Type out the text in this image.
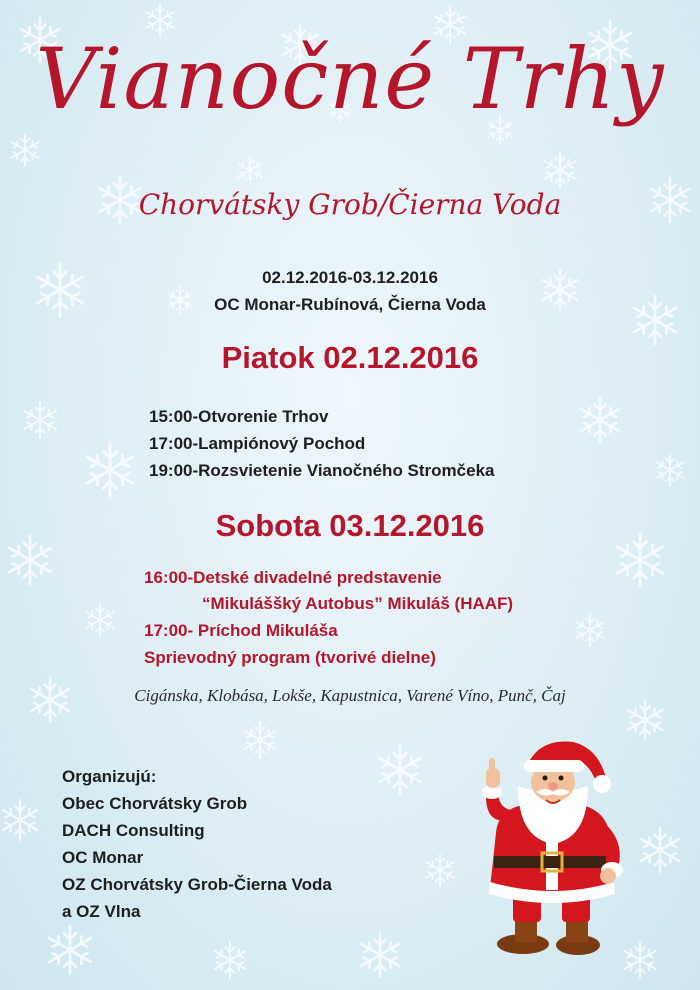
Vianočné Trhy
Chorvátsky Grob/Čierna Voda
02.12.2016-03.12.2016
OC Monar-Rubínová, Čierna Voda
Piatok 02.12.2016
15:00-Otvorenie Trhov
17:00-Lampiónový Pochod
19:00-Rozsvietenie Vianočného Stromčeka
Sobota 03.12.2016
16:00-Detské divadelné predstavenie
“Mikuláššký Autobus” Mikuláš (HAAF)
17:00- Príchod Mikuláša
Sprievodný program (tvorivé dielne)
Cigánska, Klobása, Lokše, Kapustnica, Varené Víno, Punč, Čaj
Organizujú:
Obec Chorvátsky Grob
DACH Consulting
OC Monar
OZ Chorvátsky Grob-Čierna Voda
a OZ Vlna
